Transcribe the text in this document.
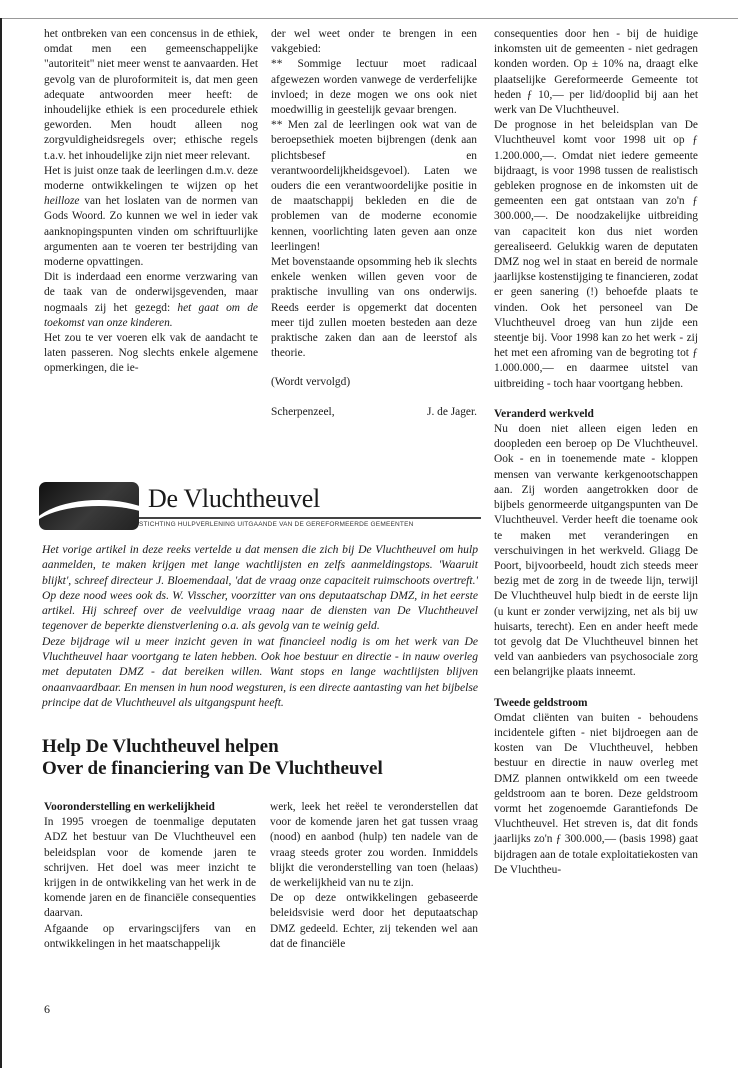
het ontbreken van een concensus in de ethiek, omdat men een gemeenschappelijke "autoriteit" niet meer wenst te aanvaarden. Het gevolg van de pluroformiteit is, dat men geen adequate antwoorden meer heeft: de inhoudelijke ethiek is een procedurele ethiek geworden. Men houdt alleen nog zorgvuldigheidsregels over; ethische regels t.a.v. het inhoudelijke zijn niet meer relevant.

Het is juist onze taak de leerlingen d.m.v. deze moderne ontwikkelingen te wijzen op het heilloze van het loslaten van de normen van Gods Woord. Zo kunnen we wel in ieder vak aanknopingspunten vinden om schriftuurlijke argumenten aan te voeren ter bestrijding van moderne opvattingen.

Dit is inderdaad een enorme verzwaring van de taak van de onderwijsgevenden, maar nogmaals zij het gezegd: het gaat om de toekomst van onze kinderen.

Het zou te ver voeren elk vak de aandacht te laten passeren. Nog slechts enkele algemene opmerkingen, die ie-

der wel weet onder te brengen in een vakgebied:

** Sommige lectuur moet radicaal afgewezen worden vanwege de verderfelijke invloed; in deze mogen we ons ook niet moedwillig in geestelijk gevaar brengen.

** Men zal de leerlingen ook wat van de beroepsethiek moeten bijbrengen (denk aan plichtsbesef en verantwoordelijkheidsgevoel). Laten we ouders die een verantwoordelijke positie in de maatschappij bekleden en die de problemen van de moderne economie kennen, voorlichting laten geven aan onze leerlingen!

Met bovenstaande opsomming heb ik slechts enkele wenken willen geven voor de praktische invulling van ons onderwijs. Reeds eerder is opgemerkt dat docenten meer tijd zullen moeten besteden aan deze praktische zaken dan aan de leerstof als theorie.

(Wordt vervolgd)

Scherpenzeel,	J. de Jager.

consequenties door hen - bij de huidige inkomsten uit de gemeenten - niet gedragen konden worden. Op ± 10% na, draagt elke plaatselijke Gereformeerde Gemeente tot heden ƒ 10,— per lid/dooplid bij aan het werk van De Vluchtheuvel.

De prognose in het beleidsplan van De Vluchtheuvel komt voor 1998 uit op ƒ 1.200.000,—. Omdat niet iedere gemeente bijdraagt, is voor 1998 tussen de realistisch gebleken prognose en de inkomsten uit de gemeenten een gat ontstaan van zo'n ƒ 300.000,—. De noodzakelijke uitbreiding van capaciteit kon dus niet worden gerealiseerd. Gelukkig waren de deputaten DMZ nog wel in staat en bereid de normale jaarlijkse kostenstijging te financieren, zodat er geen sanering (!) behoefde plaats te vinden. Ook het personeel van De Vluchtheuvel droeg van hun zijde een steentje bij. Voor 1998 kan zo het werk - zij het met een afroming van de begroting tot ƒ 1.000.000,— en daarmee uitstel van uitbreiding - toch haar voortgang hebben.

Veranderd werkveld

Nu doen niet alleen eigen leden en doopleden een beroep op De Vluchtheuvel. Ook - en in toenemende mate - kloppen mensen van verwante kerkgenootschappen aan. Zij worden aangetrokken door de bijbels genormeerde uitgangspunten van De Vluchtheuvel. Verder heeft die toename ook te maken met veranderingen en verschuivingen in het werkveld. Gliagg De Poort, bijvoorbeeld, houdt zich steeds meer bezig met de zorg in de tweede lijn, terwijl De Vluchtheuvel hulp biedt in de eerste lijn (u kunt er zonder verwijzing, net als bij uw huisarts, terecht). Een en ander heeft mede tot gevolg dat De Vluchtheuvel binnen het veld van aanbieders van psychosociale zorg een belangrijke plaats inneemt.

Tweede geldstroom

Omdat cliënten van buiten - behoudens incidentele giften - niet bijdroegen aan de kosten van De Vluchtheuvel, hebben bestuur en directie in nauw overleg met DMZ plannen ontwikkeld om een tweede geldstroom aan te boren. Deze geldstroom vormt het zogenoemde Garantiefonds De Vluchtheuvel. Het streven is, dat dit fonds jaarlijks zo'n ƒ 300.000,— (basis 1998) gaat bijdragen aan de totale exploitatiekosten van De Vluchtheu-

De Vluchtheuvel
STICHTING HULPVERLENING UITGAANDE VAN DE GEREFORMEERDE GEMEENTEN

Het vorige artikel in deze reeks vertelde u dat mensen die zich bij De Vluchtheuvel om hulp aanmelden, te maken krijgen met lange wachtlijsten en zelfs aanmeldingstops. 'Waaruit blijkt', schreef directeur J. Bloemendaal, 'dat de vraag onze capaciteit ruimschoots overtreft.' Op deze nood wees ook ds. W. Visscher, voorzitter van ons deputaatschap DMZ, in het eerste artikel. Hij schreef over de veelvuldige vraag naar de diensten van De Vluchtheuvel tegenover de beperkte dienstverlening o.a. als gevolg van te weinig geld.

Deze bijdrage wil u meer inzicht geven in wat financieel nodig is om het werk van De Vluchtheuvel haar voortgang te laten hebben. Ook hoe bestuur en directie - in nauw overleg met deputaten DMZ - dat bereiken willen. Want stops en lange wachtlijsten blijven onaanvaardbaar. En mensen in hun nood wegsturen, is een directe aantasting van het bijbelse principe dat de Vluchtheuvel als uitgangspunt heeft.

Help De Vluchtheuvel helpen
Over de financiering van De Vluchtheuvel

Vooronderstelling en werkelijkheid

In 1995 vroegen de toenmalige deputaten ADZ het bestuur van De Vluchtheuvel een beleidsplan voor de komende jaren te schrijven. Het doel was meer inzicht te krijgen in de ontwikkeling van het werk in de komende jaren en de financiële consequenties daarvan.

Afgaande op ervaringscijfers van en ontwikkelingen in het maatschappelijk

werk, leek het reëel te veronderstellen dat voor de komende jaren het gat tussen vraag (nood) en aanbod (hulp) ten nadele van de vraag steeds groter zou worden. Inmiddels blijkt die veronderstelling van toen (helaas) de werkelijkheid van nu te zijn.

De op deze ontwikkelingen gebaseerde beleidsvisie werd door het deputaatschap DMZ gedeeld. Echter, zij tekenden wel aan dat de financiële

6
